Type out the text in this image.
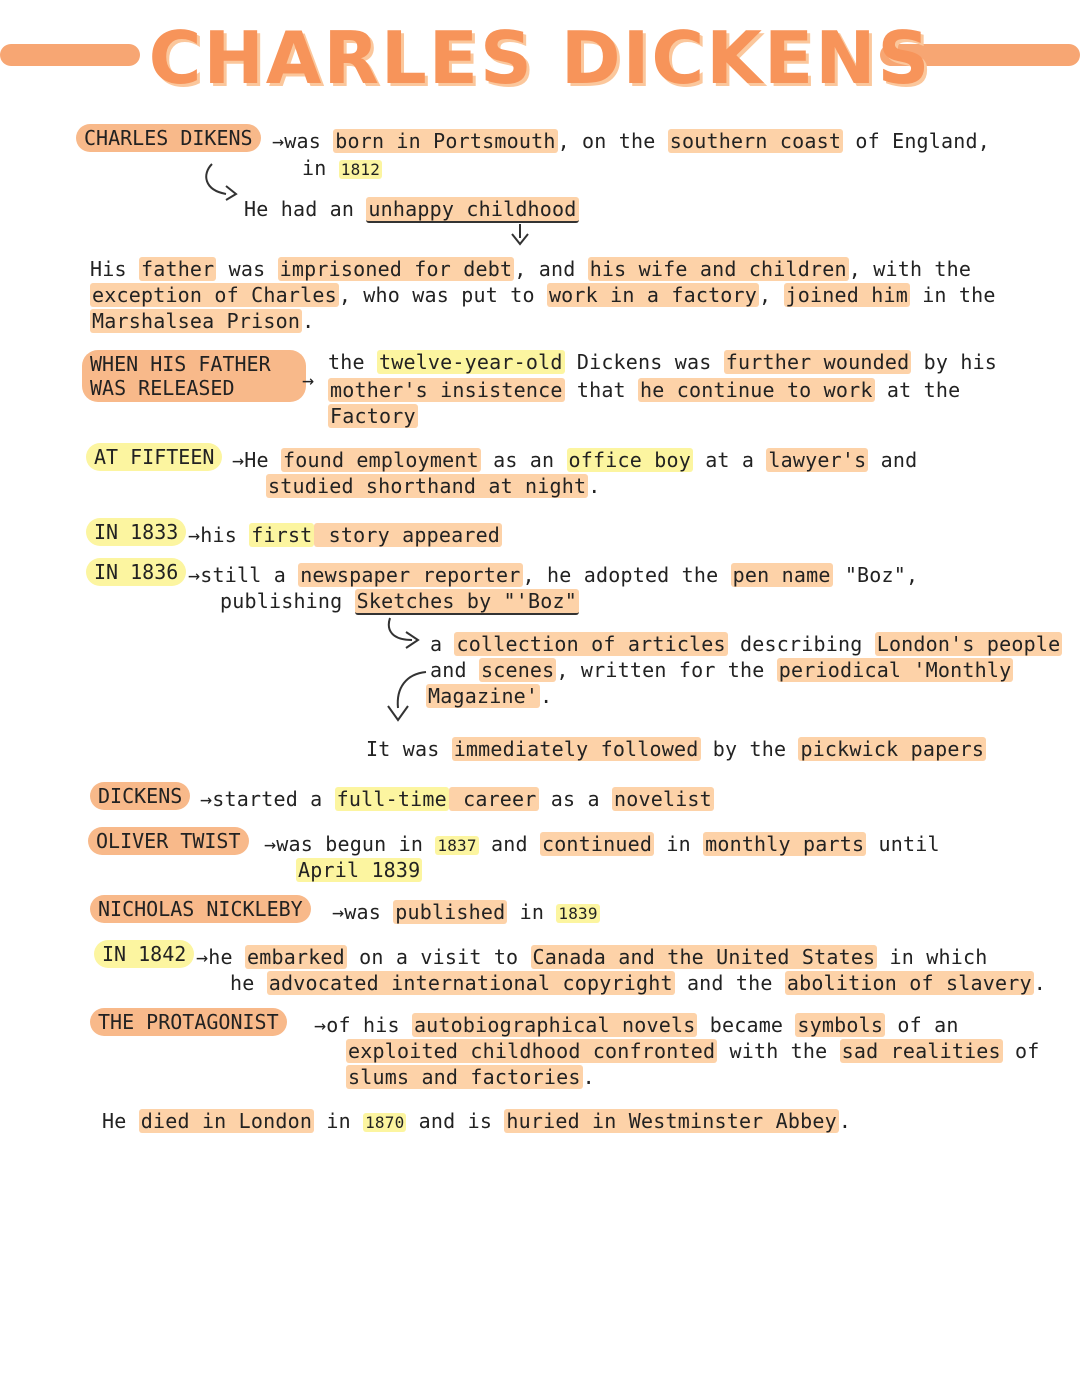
CHARLES DICKENS
CHARLES DIKENS →was born in Portsmouth , on the southern coast of England,
in 1812
He had an unhappy childhood
His father was imprisoned for debt , and his wife and children , with the
exception of Charles , who was put to work in a factory , joined him in the
Marshalsea Prison .
WHEN HIS FATHER
WAS RELEASED	→
the twelve-year-old Dickens was further wounded by his
mother's insistence that he continue to work at the
Factory
AT FIFTEEN →He found employment as an office boy at a lawyer's and
studied shorthand at night .
IN 1833 →his first story appeared
IN 1836 →still a newspaper reporter , he adopted the pen name "Boz",
publishing Sketches by "'Boz"
a collection of articles describing London's people
and scenes , written for the periodical 'Monthly
Magazine' .
It was immediately followed by the pickwick papers
DICKENS →started a full-time career as a novelist
OLIVER TWIST	→was begun in 1837 and continued in monthly parts until
April 1839
NICHOLAS NICKLEBY	→was published in 1839
IN 1842 →he embarked on a visit to Canada and the United States in which
he advocated international copyright and the abolition of slavery .
THE PROTAGONIST	→of his autobiographical novels became symbols of an
exploited childhood confronted with the sad realities of
slums and factories .
He died in London in 1870 and is huried in Westminster Abbey .
